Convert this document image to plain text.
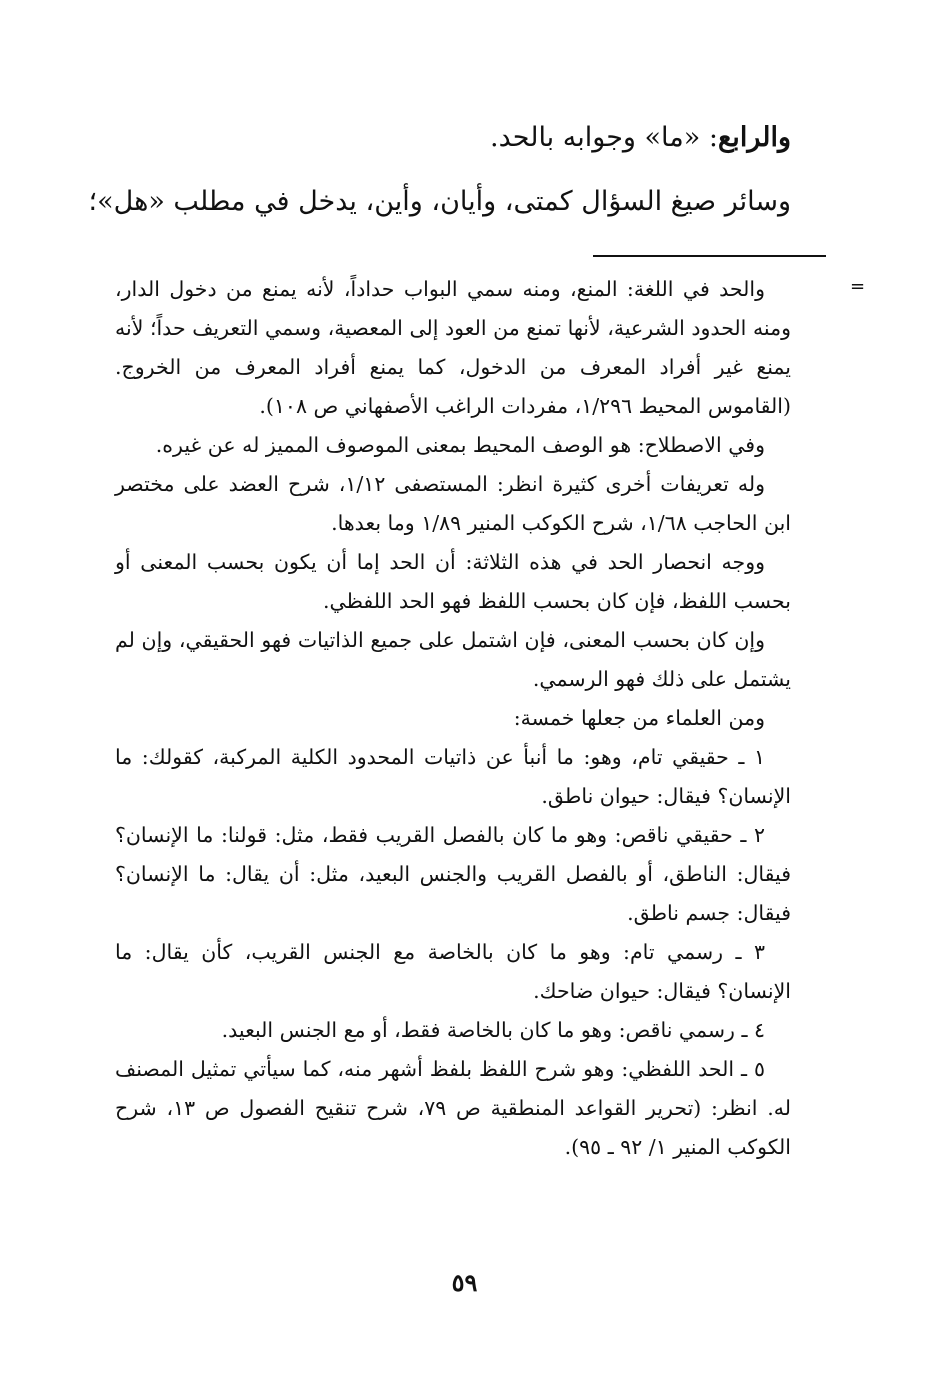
والرابع: «ما» وجوابه بالحد.
وسائر صيغ السؤال كمتى، وأيان، وأين، يدخل في مطلب «هل»؛
=

والحد في اللغة: المنع، ومنه سمي البواب حداداً، لأنه يمنع من دخول الدار، ومنه الحدود الشرعية، لأنها تمنع من العود إلى المعصية، وسمي التعريف حداً؛ لأنه يمنع غير أفراد المعرف من الدخول، كما يمنع أفراد المعرف من الخروج. (القاموس المحيط ١/٢٩٦، مفردات الراغب الأصفهاني ص ١٠٨).

وفي الاصطلاح: هو الوصف المحيط بمعنى الموصوف المميز له عن غيره.

وله تعريفات أخرى كثيرة انظر: المستصفى ١/١٢، شرح العضد على مختصر ابن الحاجب ١/٦٨، شرح الكوكب المنير ١/٨٩ وما بعدها.

ووجه انحصار الحد في هذه الثلاثة: أن الحد إما أن يكون بحسب المعنى أو بحسب اللفظ، فإن كان بحسب اللفظ فهو الحد اللفظي.

وإن كان بحسب المعنى، فإن اشتمل على جميع الذاتيات فهو الحقيقي، وإن لم يشتمل على ذلك فهو الرسمي.

ومن العلماء من جعلها خمسة:

١ ـ حقيقي تام، وهو: ما أنبأ عن ذاتيات المحدود الكلية المركبة، كقولك: ما الإنسان؟ فيقال: حيوان ناطق.

٢ ـ حقيقي ناقص: وهو ما كان بالفصل القريب فقط، مثل: قولنا: ما الإنسان؟ فيقال: الناطق، أو بالفصل القريب والجنس البعيد، مثل: أن يقال: ما الإنسان؟ فيقال: جسم ناطق.

٣ ـ رسمي تام: وهو ما كان بالخاصة مع الجنس القريب، كأن يقال: ما الإنسان؟ فيقال: حيوان ضاحك.

٤ ـ رسمي ناقص: وهو ما كان بالخاصة فقط، أو مع الجنس البعيد.

٥ ـ الحد اللفظي: وهو شرح اللفظ بلفظ أشهر منه، كما سيأتي تمثيل المصنف له. انظر: (تحرير القواعد المنطقية ص ٧٩، شرح تنقيح الفصول ص ١٣، شرح الكوكب المنير ١/ ٩٢ ـ ٩٥).

٥٩
